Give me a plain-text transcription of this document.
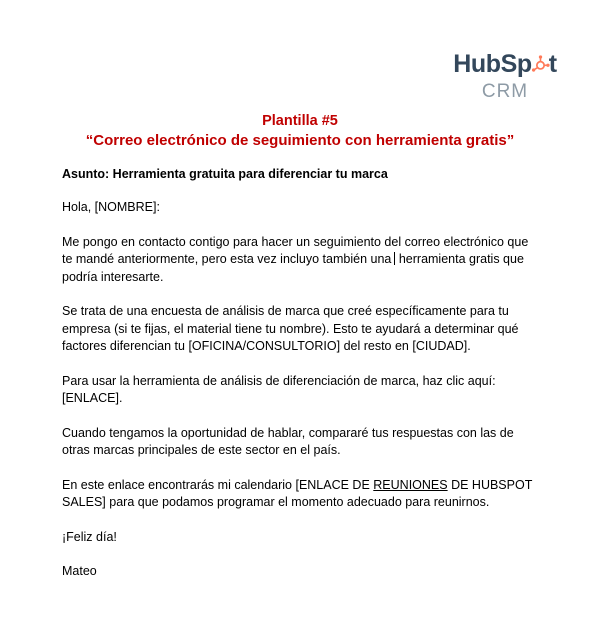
HubSp t
CRM
Plantilla #5
“Correo electrónico de seguimiento con herramienta gratis”

Asunto: Herramienta gratuita para diferenciar tu marca

Hola, [NOMBRE]:

Me pongo en contacto contigo para hacer un seguimiento del correo electrónico que te mandé anteriormente, pero esta vez incluyo también una herramienta gratis que podría interesarte.

Se trata de una encuesta de análisis de marca que creé específicamente para tu empresa (si te fijas, el material tiene tu nombre). Esto te ayudará a determinar qué factores diferencian tu [OFICINA/CONSULTORIO] del resto en [CIUDAD].

Para usar la herramienta de análisis de diferenciación de marca, haz clic aquí: [ENLACE].

Cuando tengamos la oportunidad de hablar, compararé tus respuestas con las de otras marcas principales de este sector en el país.

En este enlace encontrarás mi calendario [ENLACE DE REUNIONES DE HUBSPOT SALES] para que podamos programar el momento adecuado para reunirnos.

¡Feliz día!

Mateo
